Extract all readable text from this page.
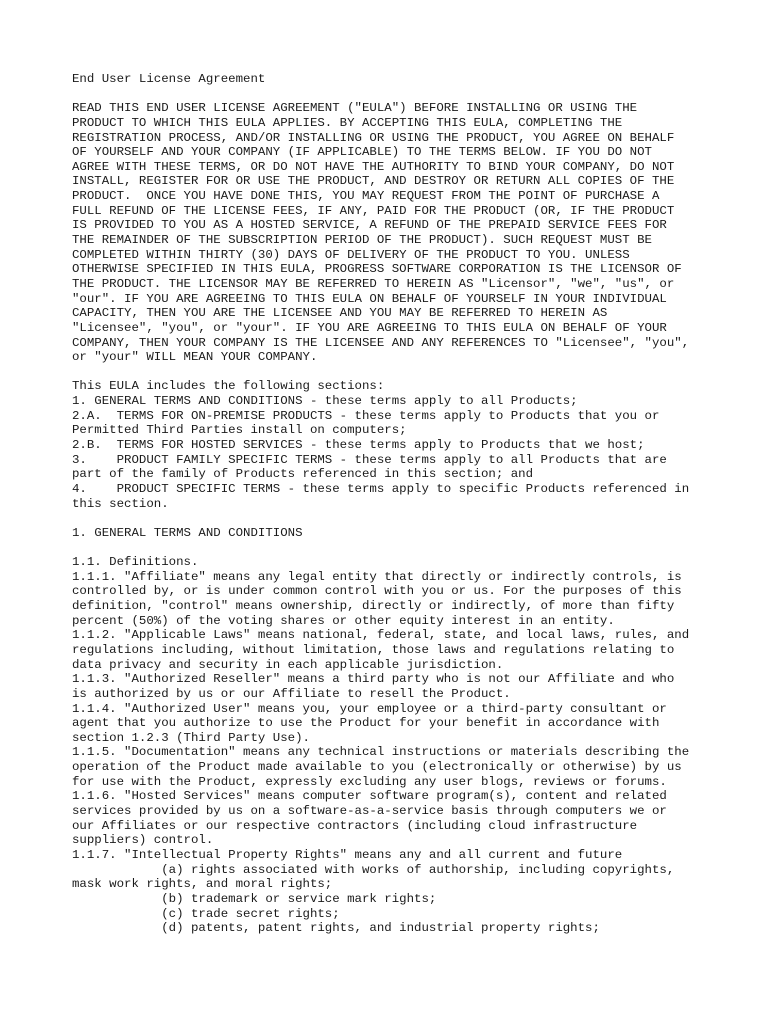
End User License Agreement
READ THIS END USER LICENSE AGREEMENT ("EULA") BEFORE INSTALLING OR USING THE
PRODUCT TO WHICH THIS EULA APPLIES. BY ACCEPTING THIS EULA, COMPLETING THE
REGISTRATION PROCESS, AND/OR INSTALLING OR USING THE PRODUCT, YOU AGREE ON BEHALF
OF YOURSELF AND YOUR COMPANY (IF APPLICABLE) TO THE TERMS BELOW. IF YOU DO NOT
AGREE WITH THESE TERMS, OR DO NOT HAVE THE AUTHORITY TO BIND YOUR COMPANY, DO NOT
INSTALL, REGISTER FOR OR USE THE PRODUCT, AND DESTROY OR RETURN ALL COPIES OF THE
PRODUCT.  ONCE YOU HAVE DONE THIS, YOU MAY REQUEST FROM THE POINT OF PURCHASE A
FULL REFUND OF THE LICENSE FEES, IF ANY, PAID FOR THE PRODUCT (OR, IF THE PRODUCT
IS PROVIDED TO YOU AS A HOSTED SERVICE, A REFUND OF THE PREPAID SERVICE FEES FOR
THE REMAINDER OF THE SUBSCRIPTION PERIOD OF THE PRODUCT). SUCH REQUEST MUST BE
COMPLETED WITHIN THIRTY (30) DAYS OF DELIVERY OF THE PRODUCT TO YOU. UNLESS
OTHERWISE SPECIFIED IN THIS EULA, PROGRESS SOFTWARE CORPORATION IS THE LICENSOR OF
THE PRODUCT. THE LICENSOR MAY BE REFERRED TO HEREIN AS "Licensor", "we", "us", or
"our". IF YOU ARE AGREEING TO THIS EULA ON BEHALF OF YOURSELF IN YOUR INDIVIDUAL
CAPACITY, THEN YOU ARE THE LICENSEE AND YOU MAY BE REFERRED TO HEREIN AS
"Licensee", "you", or "your". IF YOU ARE AGREEING TO THIS EULA ON BEHALF OF YOUR
COMPANY, THEN YOUR COMPANY IS THE LICENSEE AND ANY REFERENCES TO "Licensee", "you",
or "your" WILL MEAN YOUR COMPANY.
This EULA includes the following sections:
1. GENERAL TERMS AND CONDITIONS - these terms apply to all Products;
2.A.  TERMS FOR ON-PREMISE PRODUCTS - these terms apply to Products that you or
Permitted Third Parties install on computers;
2.B.  TERMS FOR HOSTED SERVICES - these terms apply to Products that we host;
3.    PRODUCT FAMILY SPECIFIC TERMS - these terms apply to all Products that are
part of the family of Products referenced in this section; and
4.    PRODUCT SPECIFIC TERMS - these terms apply to specific Products referenced in
this section.
1. GENERAL TERMS AND CONDITIONS
1.1. Definitions.
1.1.1. "Affiliate" means any legal entity that directly or indirectly controls, is
controlled by, or is under common control with you or us. For the purposes of this
definition, "control" means ownership, directly or indirectly, of more than fifty
percent (50%) of the voting shares or other equity interest in an entity.
1.1.2. "Applicable Laws" means national, federal, state, and local laws, rules, and
regulations including, without limitation, those laws and regulations relating to
data privacy and security in each applicable jurisdiction.
1.1.3. "Authorized Reseller" means a third party who is not our Affiliate and who
is authorized by us or our Affiliate to resell the Product.
1.1.4. "Authorized User" means you, your employee or a third-party consultant or
agent that you authorize to use the Product for your benefit in accordance with
section 1.2.3 (Third Party Use).
1.1.5. "Documentation" means any technical instructions or materials describing the
operation of the Product made available to you (electronically or otherwise) by us
for use with the Product, expressly excluding any user blogs, reviews or forums.
1.1.6. "Hosted Services" means computer software program(s), content and related
services provided by us on a software-as-a-service basis through computers we or
our Affiliates or our respective contractors (including cloud infrastructure
suppliers) control.
1.1.7. "Intellectual Property Rights" means any and all current and future
(a) rights associated with works of authorship, including copyrights,
mask work rights, and moral rights;
(b) trademark or service mark rights;
(c) trade secret rights;
(d) patents, patent rights, and industrial property rights;
